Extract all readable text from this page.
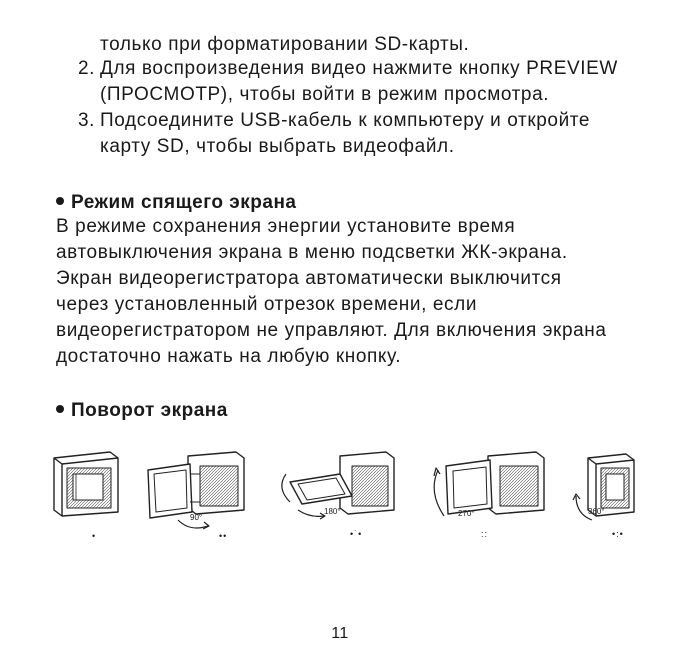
только при форматировании SD-карты.
2. Для воспроизведения видео нажмите кнопку PREVIEW
(ПРОСМОТР), чтобы войти в режим просмотра.
3. Подсоедините USB-кабель к компьютеру и откройте
карту SD, чтобы выбрать видеофайл.
Режим спящего экрана
В режиме сохранения энергии установите время
автовыключения экрана в меню подсветки ЖК-экрана.
Экран видеорегистратора автоматически выключится
через установленный отрезок времени, если
видеорегистратором не управляют. Для включения экрана
достаточно нажать на любую кнопку.
Поворот экрана
90°
180°	270°	360°
•	••	•˙•	::	•:•
11
